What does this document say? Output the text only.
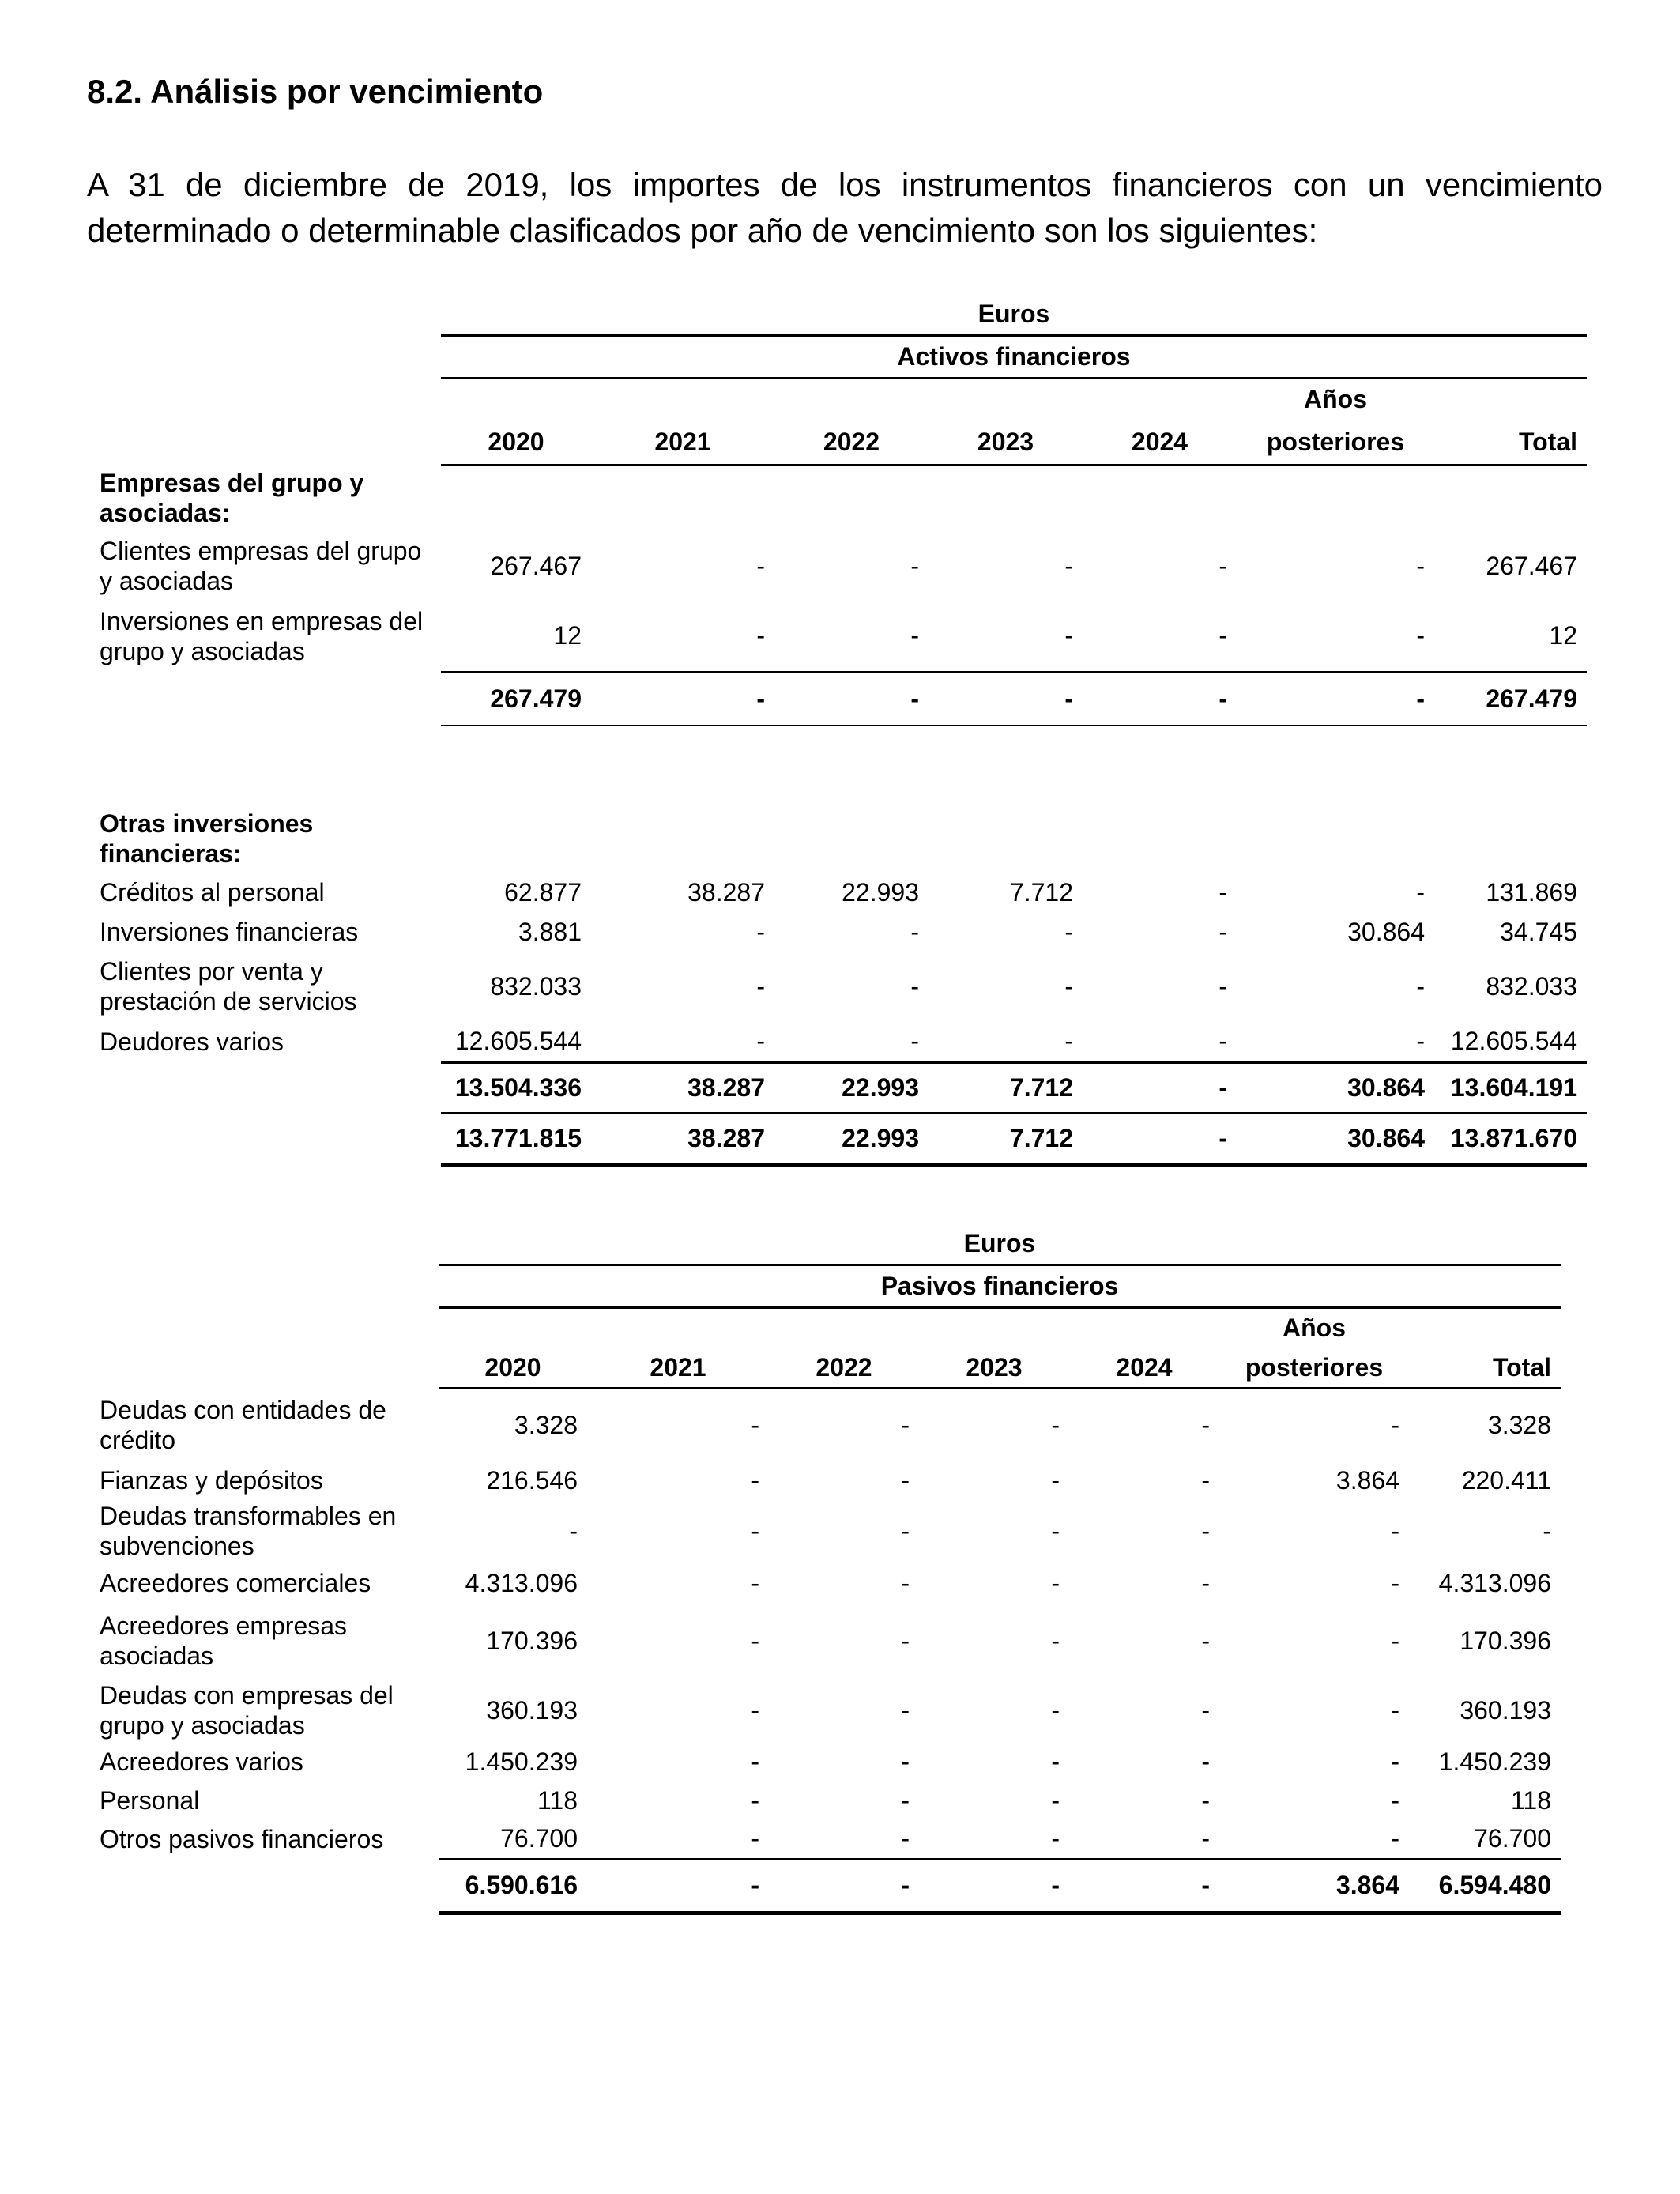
8.2. Análisis por vencimiento

A 31 de diciembre de 2019, los importes de los instrumentos financieros con un vencimiento determinado o determinable clasificados por año de vencimiento son los siguientes:

	Euros						
	Activos financieros						
						Años	
	2020	2021	2022	2023	2024	posteriores	Total
Empresas del grupo y asociadas:							
Clientes empresas del grupo y asociadas	267.467	-	-	-	-	-	267.467
Inversiones en empresas del grupo y asociadas	12	-	-	-	-	-	12
	267.479	-	-	-	-	-	267.479

Otras inversiones financieras:							
Créditos al personal	62.877	38.287	22.993	7.712	-	-	131.869
Inversiones financieras	3.881	-	-	-	-	30.864	34.745
Clientes por venta y prestación de servicios	832.033	-	-	-	-	-	832.033
Deudores varios	12.605.544	-	-	-	-	-	12.605.544
	13.504.336	38.287	22.993	7.712	-	30.864	13.604.191
	13.771.815	38.287	22.993	7.712	-	30.864	13.871.670
	Euros						
	Pasivos financieros						
						Años	
	2020	2021	2022	2023	2024	posteriores	Total
Deudas con entidades de crédito	3.328	-	-	-	-	-	3.328
Fianzas y depósitos	216.546	-	-	-	-	3.864	220.411
Deudas transformables en subvenciones	-	-	-	-	-	-	-
Acreedores comerciales	4.313.096	-	-	-	-	-	4.313.096
Acreedores empresas asociadas	170.396	-	-	-	-	-	170.396
Deudas con empresas del grupo y asociadas	360.193	-	-	-	-	-	360.193
Acreedores varios	1.450.239	-	-	-	-	-	1.450.239
Personal	118	-	-	-	-	-	118
Otros pasivos financieros	76.700	-	-	-	-	-	76.700
	6.590.616	-	-	-	-	3.864	6.594.480
